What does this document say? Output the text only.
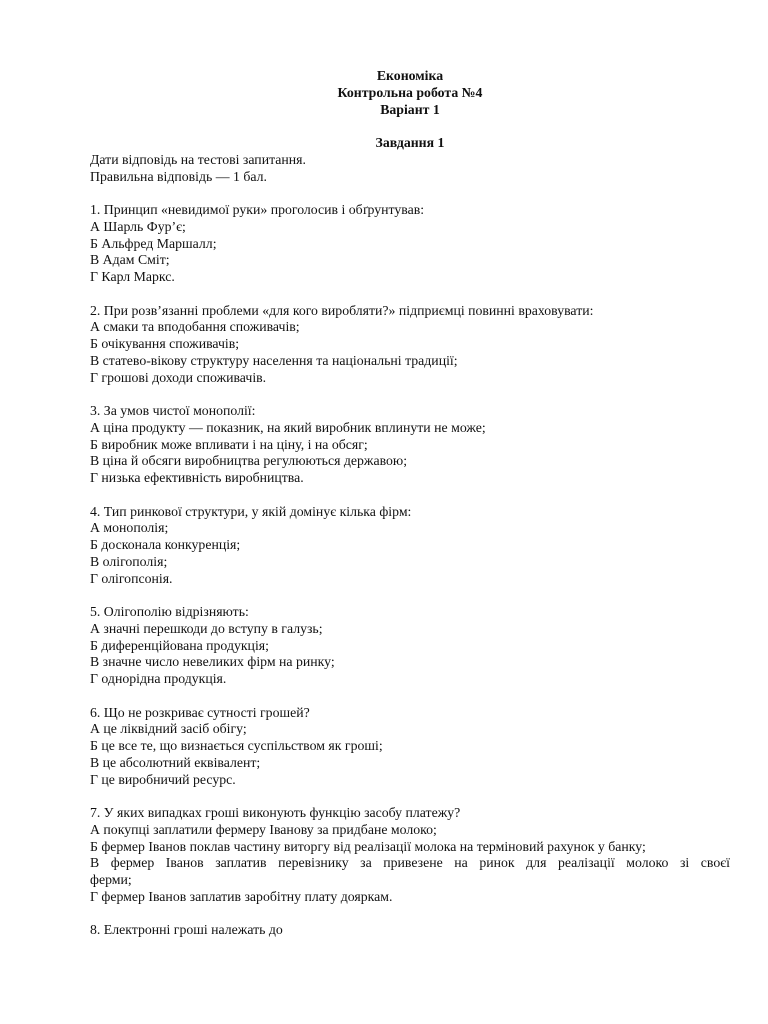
Економіка
Контрольна робота №4
Варіант 1
Завдання 1
Дати відповідь на тестові запитання.
Правильна відповідь — 1 бал.
1. Принцип «невидимої руки» проголосив і обґрунтував:
А Шарль Фур’є;
Б Альфред Маршалл;
В Адам Сміт;
Г Карл Маркс.
2. При розв’язанні проблеми «для кого виробляти?» підприємці повинні враховувати:
А смаки та вподобання споживачів;
Б очікування споживачів;
В статево-вікову структуру населення та національні традиції;
Г грошові доходи споживачів.
3. За умов чистої монополії:
А ціна продукту — показник, на який виробник вплинути не може;
Б виробник може впливати і на ціну, і на обсяг;
В ціна й обсяги виробництва регулюються державою;
Г низька ефективність виробництва.
4. Тип ринкової структури, у якій домінує кілька фірм:
А монополія;
Б досконала конкуренція;
В олігополія;
Г олігопсонія.
5. Олігополію відрізняють:
А значні перешкоди до вступу в галузь;
Б диференційована продукція;
В значне число невеликих фірм на ринку;
Г однорідна продукція.
6. Що не розкриває сутності грошей?
А це ліквідний засіб обігу;
Б це все те, що визнається суспільством як гроші;
В це абсолютний еквівалент;
Г це виробничий ресурс.
7. У яких випадках гроші виконують функцію засобу платежу?
А покупці заплатили фермеру Іванову за придбане молоко;
Б фермер Іванов поклав частину виторгу від реалізації молока на терміновий рахунок у банку;
В фермер Іванов заплатив перевізнику за привезене на ринок для реалізації молоко зі своєї
ферми;
Г фермер Іванов заплатив заробітну плату дояркам.
8. Електронні гроші належать до
